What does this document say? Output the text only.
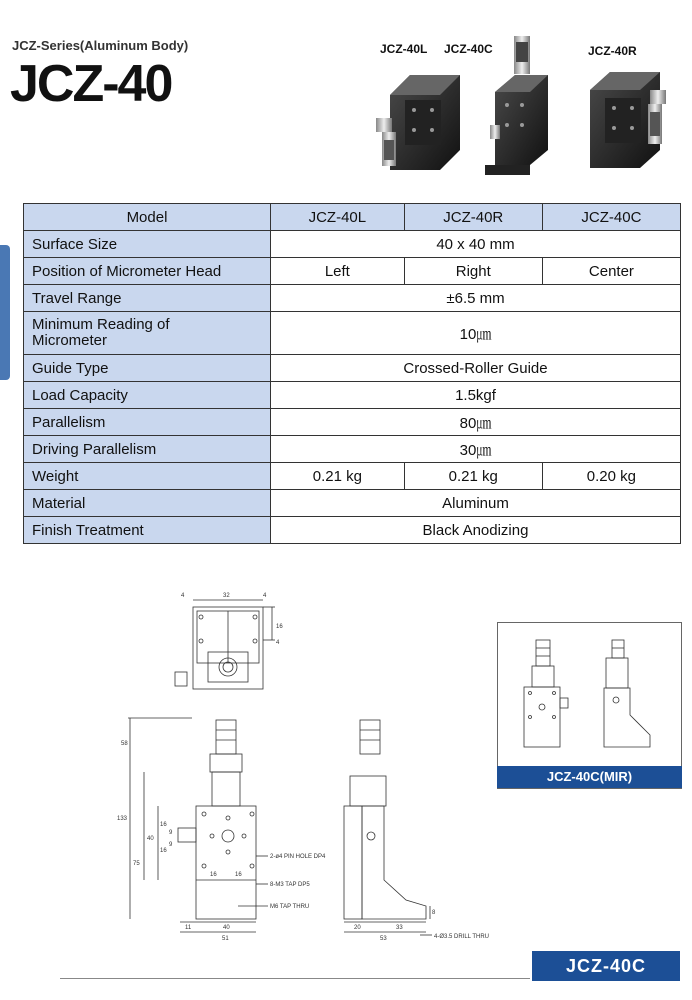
JCZ-Series(Aluminum Body)
JCZ-40
JCZ-40L JCZ-40C	JCZ-40R
Model	JCZ-40L	JCZ-40R	JCZ-40C
Surface Size	40 x 40 mm		
Position of Micrometer Head	Left	Right	Center
Travel Range	±6.5 mm		

Minimum Reading of
Micrometer	10㎛		
Guide Type	Crossed-Roller Guide		
Load Capacity	1.5kgf		
Parallelism	80㎛		
Driving Parallelism	30㎛		
Weight	0.21 kg	0.21 kg	0.20 kg
Material	Aluminum		
Finish Treatment	Black Anodizing		
4	32	4
16
4
58
133
75
40
16
16
9
9
16	16
11	40
51
20	33
53
8
2-ø4 PIN HOLE DP4
8-M3 TAP DP5
M6 TAP THRU
4-Ø3.5 DRILL THRU
JCZ-40C(MIR)
JCZ-40C
